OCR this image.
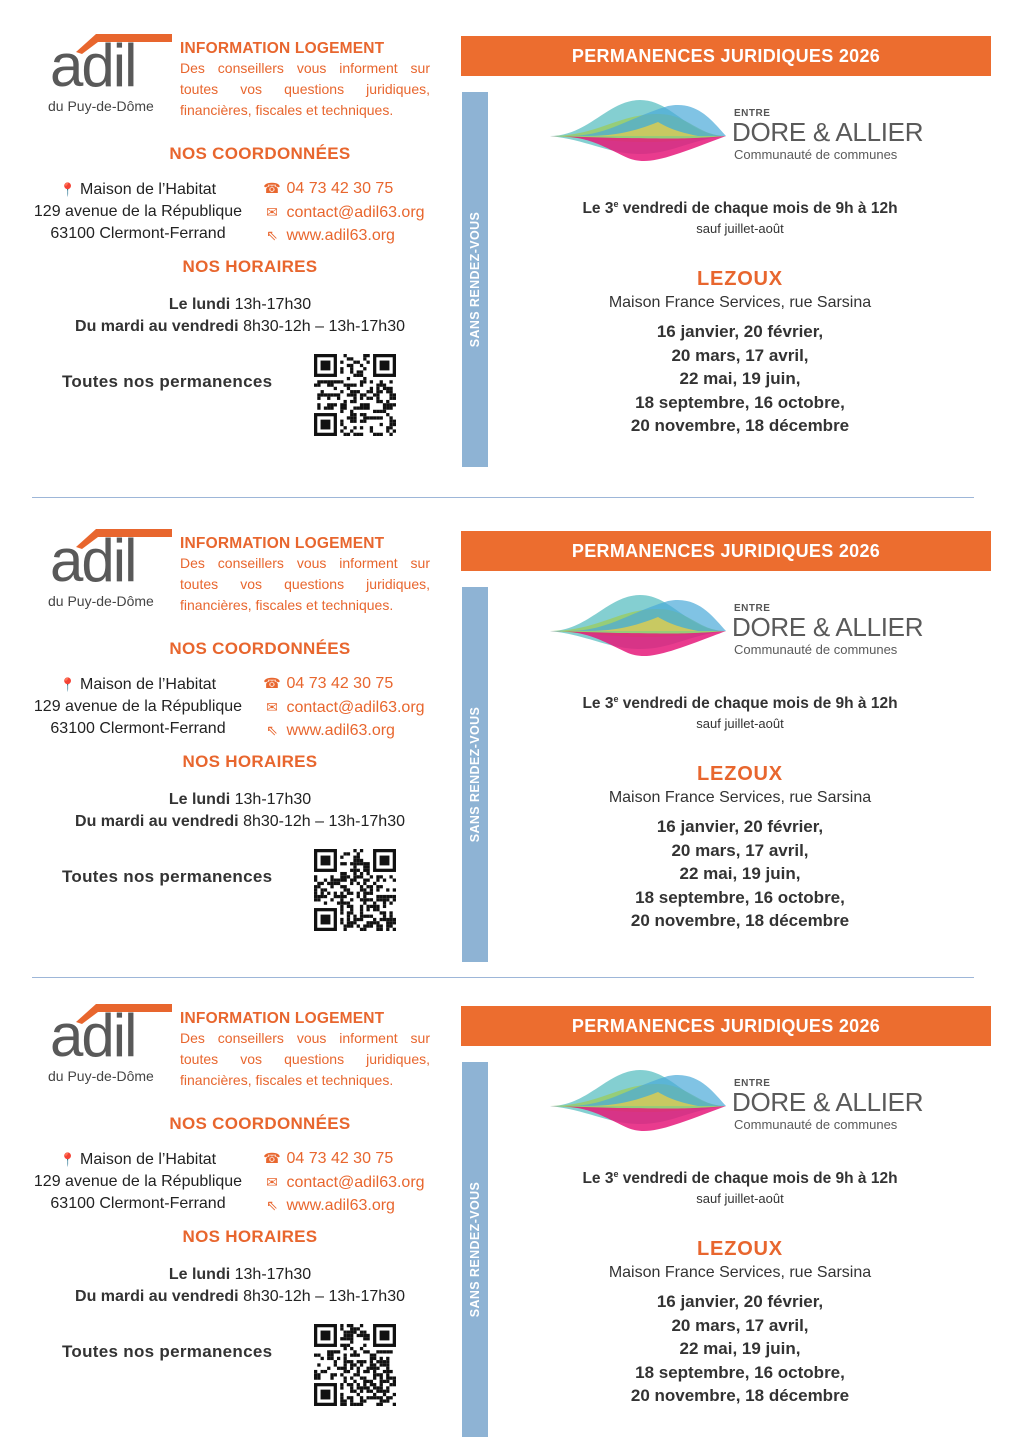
adil
du Puy-de-Dôme
INFORMATION LOGEMENT
Des conseillers vous informent sur toutes vos questions juridiques, financières, fiscales et techniques.
NOS COORDONNÉES
📍 Maison de l’Habitat
129 avenue de la République
63100 Clermont-Ferrand
☎ 04 73 42 30 75
✉ contact@adil63.org
⇖ www.adil63.org
NOS HORAIRES
Le lundi 13h-17h30
Du mardi au vendredi 8h30-12h – 13h-17h30
Toutes nos permanences
SANS RENDEZ-VOUS
PERMANENCES JURIDIQUES 2026
ENTRE
DORE & ALLIER
Communauté de communes
Le 3e vendredi de chaque mois de 9h à 12h
sauf juillet-août
LEZOUX
Maison France Services, rue Sarsina
16 janvier, 20 février,
20 mars, 17 avril,
22 mai, 19 juin,
18 septembre, 16 octobre,
20 novembre, 18 décembre
adil
du Puy-de-Dôme
INFORMATION LOGEMENT
Des conseillers vous informent sur toutes vos questions juridiques, financières, fiscales et techniques.
NOS COORDONNÉES
📍 Maison de l’Habitat
129 avenue de la République
63100 Clermont-Ferrand
☎ 04 73 42 30 75
✉ contact@adil63.org
⇖ www.adil63.org
NOS HORAIRES
Le lundi 13h-17h30
Du mardi au vendredi 8h30-12h – 13h-17h30
Toutes nos permanences
SANS RENDEZ-VOUS
PERMANENCES JURIDIQUES 2026
ENTRE
DORE & ALLIER
Communauté de communes
Le 3e vendredi de chaque mois de 9h à 12h
sauf juillet-août
LEZOUX
Maison France Services, rue Sarsina
16 janvier, 20 février,
20 mars, 17 avril,
22 mai, 19 juin,
18 septembre, 16 octobre,
20 novembre, 18 décembre
adil
du Puy-de-Dôme
INFORMATION LOGEMENT
Des conseillers vous informent sur toutes vos questions juridiques, financières, fiscales et techniques.
NOS COORDONNÉES
📍 Maison de l’Habitat
129 avenue de la République
63100 Clermont-Ferrand
☎ 04 73 42 30 75
✉ contact@adil63.org
⇖ www.adil63.org
NOS HORAIRES
Le lundi 13h-17h30
Du mardi au vendredi 8h30-12h – 13h-17h30
Toutes nos permanences
SANS RENDEZ-VOUS
PERMANENCES JURIDIQUES 2026
ENTRE
DORE & ALLIER
Communauté de communes
Le 3e vendredi de chaque mois de 9h à 12h
sauf juillet-août
LEZOUX
Maison France Services, rue Sarsina
16 janvier, 20 février,
20 mars, 17 avril,
22 mai, 19 juin,
18 septembre, 16 octobre,
20 novembre, 18 décembre
